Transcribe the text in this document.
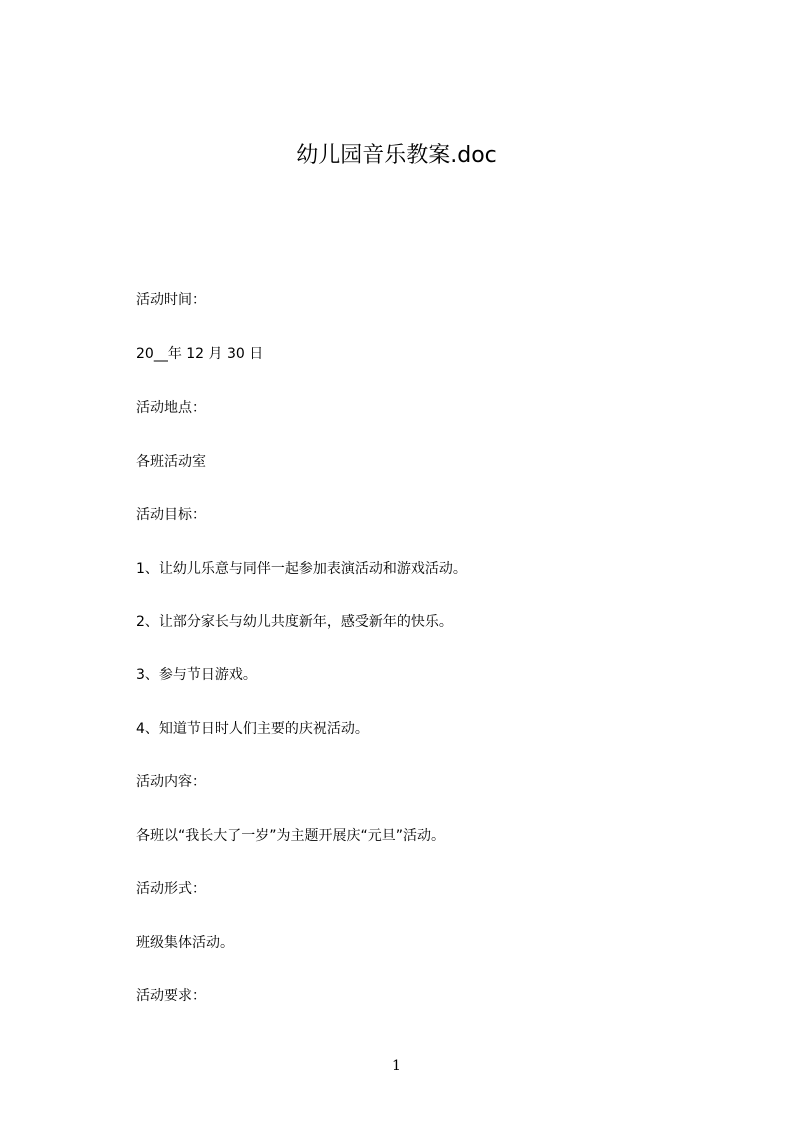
幼儿园音乐教案.doc
活动时间：
20__年 12 月 30 日
活动地点：
各班活动室
活动目标：
1、让幼儿乐意与同伴一起参加表演活动和游戏活动。
2、让部分家长与幼儿共度新年，感受新年的快乐。
3、参与节日游戏。
4、知道节日时人们主要的庆祝活动。
活动内容：
各班以“我长大了一岁”为主题开展庆“元旦”活动。
活动形式：
班级集体活动。
活动要求：
1
